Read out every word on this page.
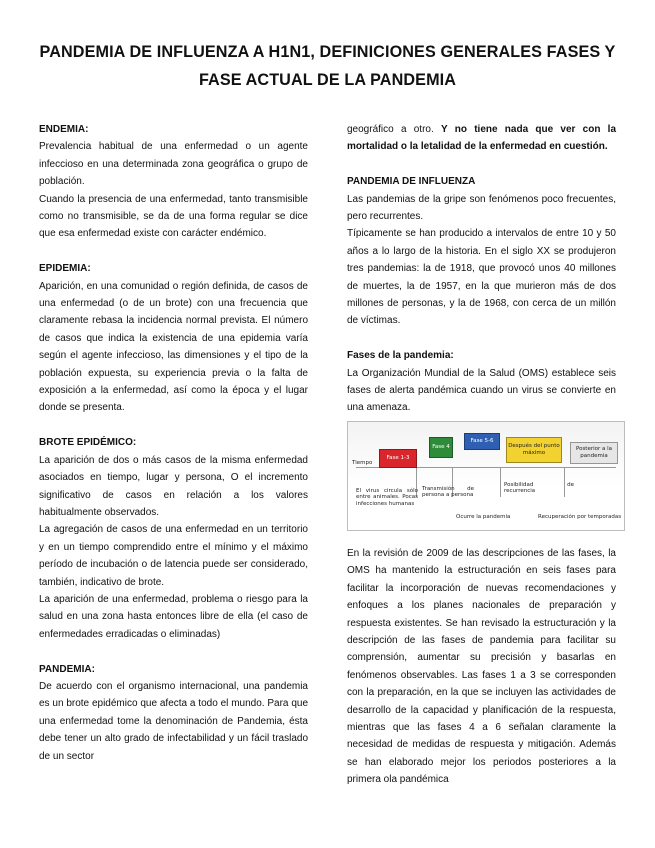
PANDEMIA DE INFLUENZA A H1N1, DEFINICIONES GENERALES FASES Y FASE ACTUAL DE LA PANDEMIA

ENDEMIA:

Prevalencia habitual de una enfermedad o un agente infeccioso en una determinada zona geográfica o grupo de población.

Cuando la presencia de una enfermedad, tanto transmisible como no transmisible, se da de una forma regular se dice que esa enfermedad existe con carácter endémico.

EPIDEMIA:

Aparición, en una comunidad o región definida, de casos de una enfermedad (o de un brote) con una frecuencia que claramente rebasa la incidencia normal prevista. El número de casos que indica la existencia de una epidemia varía según el agente infeccioso, las dimensiones y el tipo de la población expuesta, su experiencia previa o la falta de exposición a la enfermedad, así como la época y el lugar donde se presenta.

BROTE EPIDÉMICO:

La aparición de dos o más casos de la misma enfermedad asociados en tiempo, lugar y persona, O el incremento significativo de casos en relación a los valores habitualmente observados.

La agregación de casos de una enfermedad en un territorio y en un tiempo comprendido entre el mínimo y el máximo período de incubación o de latencia puede ser considerado, también, indicativo de brote.

La aparición de una enfermedad, problema o riesgo para la salud en una zona hasta entonces libre de ella (el caso de enfermedades erradicadas o eliminadas)

PANDEMIA:

De acuerdo con el organismo internacional, una pandemia es un brote epidémico que afecta a todo el mundo. Para que una enfermedad tome la denominación de Pandemia, ésta debe tener un alto grado de infectabilidad y un fácil traslado de un sector

geográfico a otro. Y no tiene nada que ver con la mortalidad o la letalidad de la enfermedad en cuestión.

PANDEMIA DE INFLUENZA

Las pandemias de la gripe son fenómenos poco frecuentes, pero recurrentes.

Típicamente se han producido a intervalos de entre 10 y 50 años a lo largo de la historia. En el siglo XX se produjeron tres pandemias: la de 1918, que provocó unos 40 millones de muertes, la de 1957, en la que murieron más de dos millones de personas, y la de 1968, con cerca de un millón de víctimas.

Fases de la pandemia:

La Organización Mundial de la Salud (OMS) establece seis fases de alerta pandémica cuando un virus se convierte en una amenaza.

Tiempo
Fase 1-3
Fase 4
Fase 5-6
Después del punto máximo
Posterior a la pandemia
El virus circula sólo entre animales. Pocas infecciones humanas
Transmisión de persona a persona
Ocurre la pandemia
Posibilidad de recurrencia
Recuperación por temporadas

En la revisión de 2009 de las descripciones de las fases, la OMS ha mantenido la estructuración en seis fases para facilitar la incorporación de nuevas recomendaciones y enfoques a los planes nacionales de preparación y respuesta existentes. Se han revisado la estructuración y la descripción de las fases de pandemia para facilitar su comprensión, aumentar su precisión y basarlas en fenómenos observables. Las fases 1 a 3 se corresponden con la preparación, en la que se incluyen las actividades de desarrollo de la capacidad y planificación de la respuesta, mientras que las fases 4 a 6 señalan claramente la necesidad de medidas de respuesta y mitigación. Además se han elaborado mejor los periodos posteriores a la primera ola pandémica
